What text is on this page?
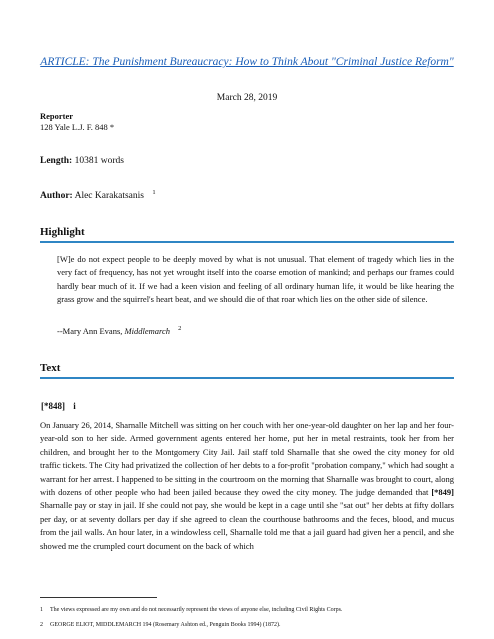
ARTICLE: The Punishment Bureaucracy: How to Think About "Criminal Justice Reform"
March 28, 2019
Reporter
128 Yale L.J. F. 848 *
Length: 10381 words
Author: Alec Karakatsanis $^1$
Highlight
[W]e do not expect people to be deeply moved by what is not unusual. That element of tragedy which lies in the very fact of frequency, has not yet wrought itself into the coarse emotion of mankind; and perhaps our frames could hardly bear much of it. If we had a keen vision and feeling of all ordinary human life, it would be like hearing the grass grow and the squirrel's heart beat, and we should die of that roar which lies on the other side of silence.
--Mary Ann Evans, Middlemarch $^2$
Text
[*848] i
On January 26, 2014, Sharnalle Mitchell was sitting on her couch with her one-year-old daughter on her lap and her four-year-old son to her side. Armed government agents entered her home, put her in metal restraints, took her from her children, and brought her to the Montgomery City Jail. Jail staff told Sharnalle that she owed the city money for old traffic tickets. The City had privatized the collection of her debts to a for-profit "probation company," which had sought a warrant for her arrest. I happened to be sitting in the courtroom on the morning that Sharnalle was brought to court, along with dozens of other people who had been jailed because they owed the city money. The judge demanded that [*849] Sharnalle pay or stay in jail. If she could not pay, she would be kept in a cage until she "sat out" her debts at fifty dollars per day, or at seventy dollars per day if she agreed to clean the courthouse bathrooms and the feces, blood, and mucus from the jail walls. An hour later, in a windowless cell, Sharnalle told me that a jail guard had given her a pencil, and she showed me the crumpled court document on the back of which
1 The views expressed are my own and do not necessarily represent the views of anyone else, including Civil Rights Corps.
2 GEORGE ELIOT, MIDDLEMARCH 194 (Rosemary Ashton ed., Penguin Books 1994) (1872).
